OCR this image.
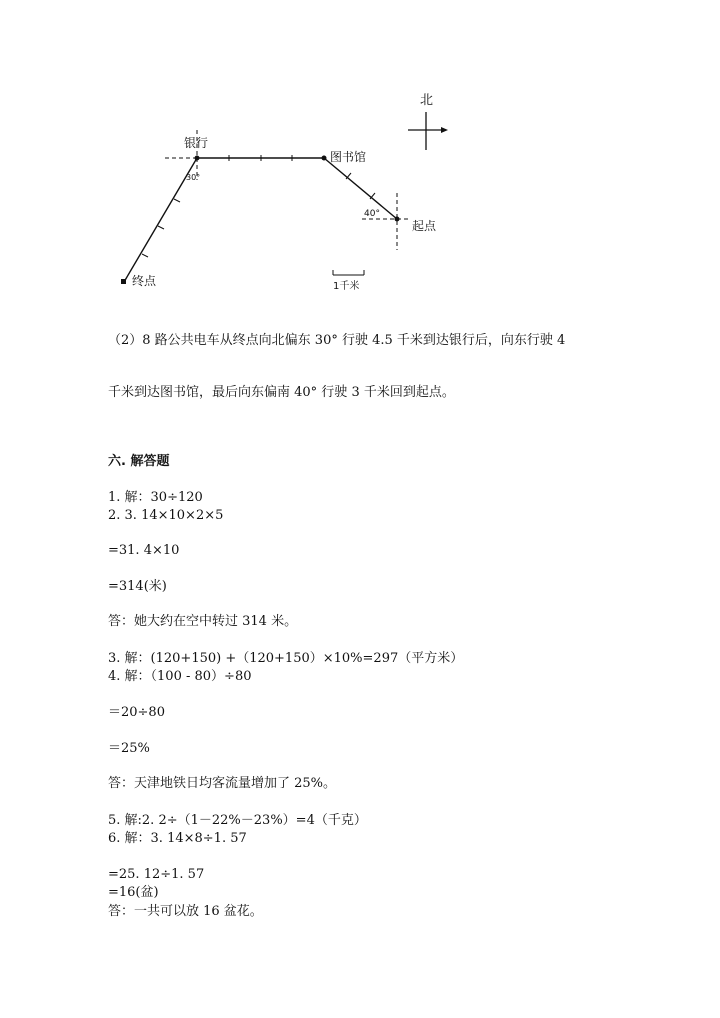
北
银行
图书馆
起点
终点
30°
40°
1千米
（2）8 路公共电车从终点向北偏东 30° 行驶 4.5 千米到达银行后，向东行驶 4
千米到达图书馆，最后向东偏南 40° 行驶 3 千米回到起点。
六. 解答题
1. 解：30÷120
2. 3. 14×10×2×5
=31. 4×10
=314(米)
答：她大约在空中转过 314 米。
3. 解：(120+150) +（120+150）×10%=297（平方米）
4. 解：（100 - 80）÷80
＝20÷80
＝25%
答：天津地铁日均客流量增加了 25%。
5. 解:2. 2÷（1－22%－23%）=4（千克）
6. 解：3. 14×8÷1. 57
=25. 12÷1. 57
=16(盆)
答：一共可以放 16 盆花。
